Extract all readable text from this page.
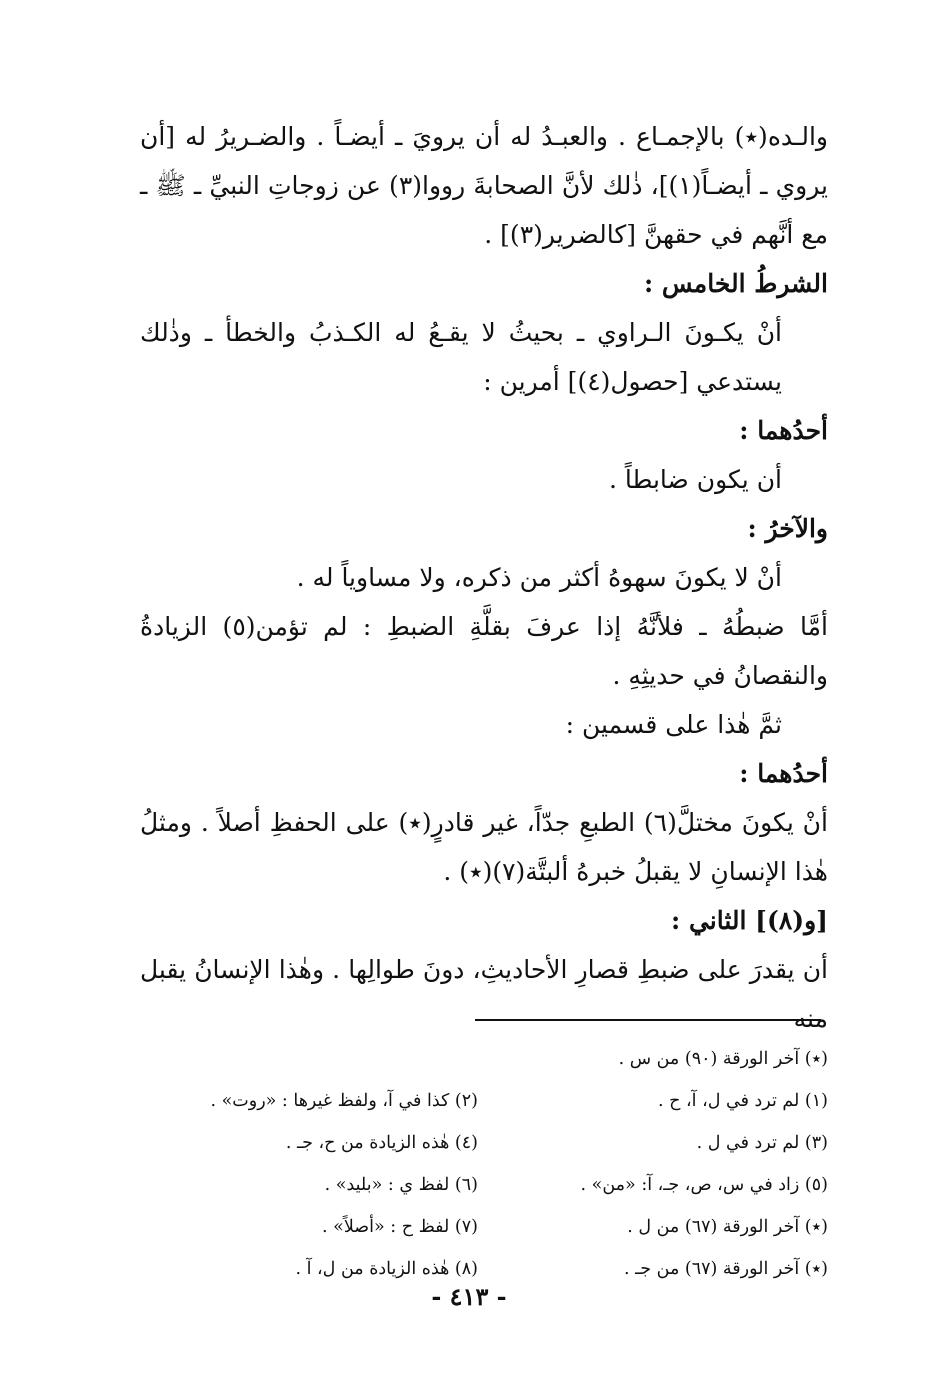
والـده(٭) بالإجمـاع . والعبـدُ له أن يرويَ ـ أيضـاً . والضـريرُ له [أن يروي ـ أيضـاً(١)]، ذٰلك لأنَّ الصحابةَ رووا(٣) عن زوجاتِ النبيِّ ـ ﷺ ـ مع أنَّهم في حقهنَّ [كالضرير(٣)] .

الشرطُ الخامس :

أنْ يكـونَ الـراوي ـ بحيثُ لا يقـعُ له الكـذبُ والخطأ ـ وذٰلك يستدعي [حصول(٤)] أمرين :

أحدُهما :

أن يكون ضابطاً .

والآخرُ :

أنْ لا يكونَ سهوهُ أكثر من ذكره، ولا مساوياً له .

أمَّا ضبطُهُ ـ فلأنَّهُ إذا عرفَ بقلَّةِ الضبطِ : لم تؤمن(٥) الزيادةُ والنقصانُ في حديثِهِ .

ثمَّ هٰذا على قسمين :

أحدُهما :

أنْ يكونَ مختلَّ(٦) الطبعِ جدّاً، غير قادرٍ(٭) على الحفظِ أصلاً . ومثلُ هٰذا الإنسانِ لا يقبلُ خبرهُ ألبتَّة(٧)(٭) .

[و(٨)] الثاني :

أن يقدرَ على ضبطِ قصارِ الأحاديثِ، دونَ طوالِها . وهٰذا الإنسانُ يقبل منه

(٭) آخر الورقة (٩٠) من س .
(١) لم ترد في ل، آ، ح .
(٢) كذا في آ، ولفظ غيرها : «روت» .
(٣) لم ترد في ل .
(٤) هٰذه الزيادة من ح، جـ .
(٥) زاد في س، ص، جـ، آ: «من» .
(٦) لفظ ي : «بليد» .
(٭) آخر الورقة (٦٧) من ل .
(٧) لفظ ح : «أصلاً» .
(٭) آخر الورقة (٦٧) من جـ .
(٨) هٰذه الزيادة من ل، آ .
- ٤١٣ -
